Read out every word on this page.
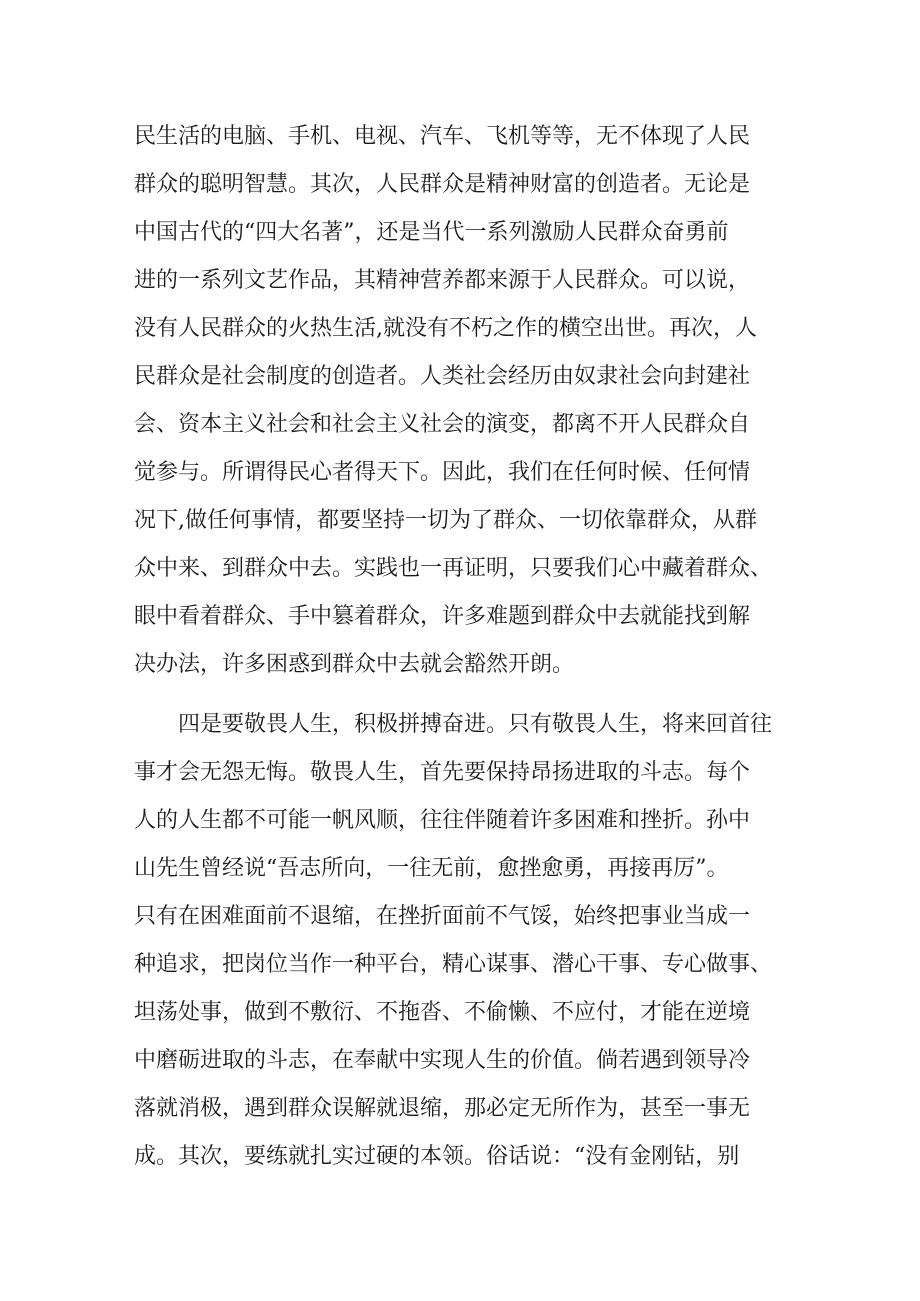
民生活的电脑、手机、电视、汽车、飞机等等，无不体现了人民
群众的聪明智慧。其次，人民群众是精神财富的创造者。无论是
中国古代的“四大名著”，还是当代一系列激励人民群众奋勇前
进的一系列文艺作品，其精神营养都来源于人民群众。可以说，
没有人民群众的火热生活,就没有不朽之作的横空出世。再次，人
民群众是社会制度的创造者。人类社会经历由奴隶社会向封建社
会、资本主义社会和社会主义社会的演变，都离不开人民群众自
觉参与。所谓得民心者得天下。因此，我们在任何时候、任何情
况下,做任何事情，都要坚持一切为了群众、一切依靠群众，从群
众中来、到群众中去。实践也一再证明，只要我们心中藏着群众、
眼中看着群众、手中篡着群众，许多难题到群众中去就能找到解
决办法，许多困惑到群众中去就会豁然开朗。
　　四是要敬畏人生，积极拼搏奋进。只有敬畏人生，将来回首往
事才会无怨无悔。敬畏人生，首先要保持昂扬进取的斗志。每个
人的人生都不可能一帆风顺，往往伴随着许多困难和挫折。孙中
山先生曾经说“吾志所向，一往无前，愈挫愈勇，再接再厉”。
只有在困难面前不退缩，在挫折面前不气馁，始终把事业当成一
种追求，把岗位当作一种平台，精心谋事、潜心干事、专心做事、
坦荡处事，做到不敷衍、不拖沓、不偷懒、不应付，才能在逆境
中磨砺进取的斗志，在奉献中实现人生的价值。倘若遇到领导冷
落就消极，遇到群众误解就退缩，那必定无所作为，甚至一事无
成。其次，要练就扎实过硬的本领。俗话说：“没有金刚钻，别
